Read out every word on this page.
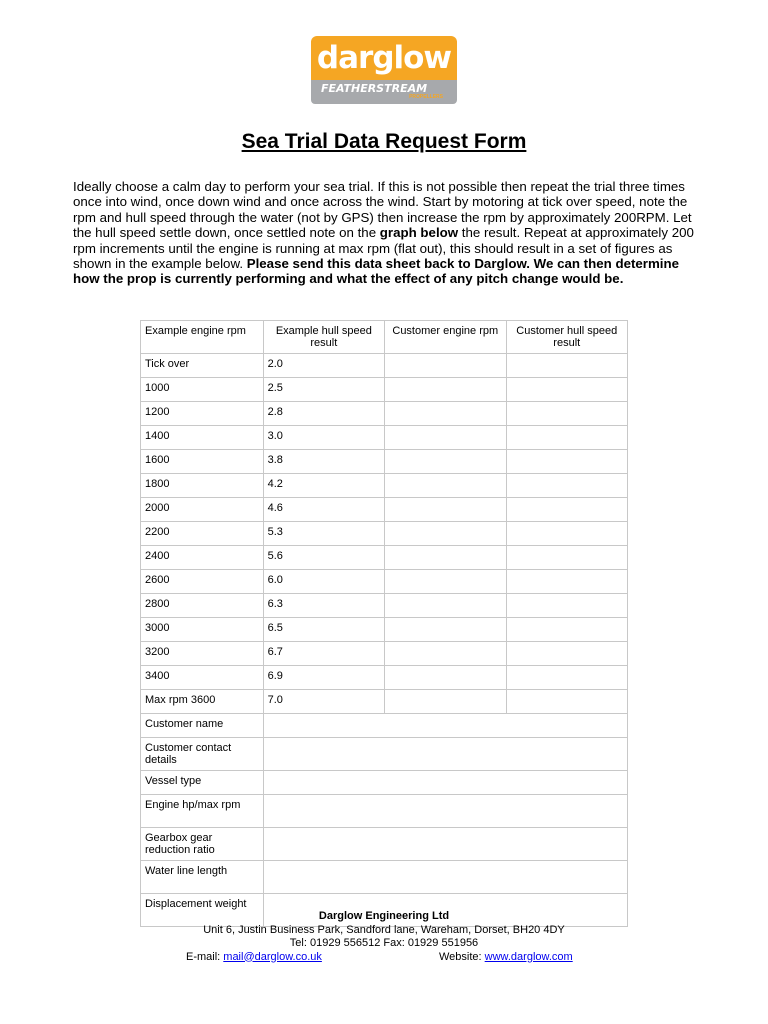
darglow
FEATHERSTREAM
PROPELLERS
Sea Trial Data Request Form
Ideally choose a calm day to perform your sea trial. If this is not possible then repeat the trial three times once into wind, once down wind and once across the wind. Start by motoring at tick over speed, note the rpm and hull speed through the water (not by GPS) then increase the rpm by approximately 200RPM. Let the hull speed settle down, once settled note on the graph below the result. Repeat at approximately 200 rpm increments until the engine is running at max rpm (flat out), this should result in a set of figures as shown in the example below. Please send this data sheet back to Darglow. We can then determine how the prop is currently performing and what the effect of any pitch change would be.
Example engine rpm	Example hull speed result	Customer engine rpm	Customer hull speed result
Tick over	2.0		
1000	2.5		
1200	2.8		
1400	3.0		
1600	3.8		
1800	4.2		
2000	4.6		
2200	5.3		
2400	5.6		
2600	6.0		
2800	6.3		
3000	6.5		
3200	6.7		
3400	6.9		
Max rpm 3600	7.0		
Customer name			
Customer contact details			
Vessel type			
Engine hp/max rpm			
Gearbox gear reduction ratio			
Water line length			
Displacement weight			
Darglow Engineering Ltd
Unit 6, Justin Business Park, Sandford lane, Wareham, Dorset, BH20 4DY
Tel: 01929 556512 Fax: 01929 551956
E-mail: mail@darglow.co.uk	Website: www.darglow.com
